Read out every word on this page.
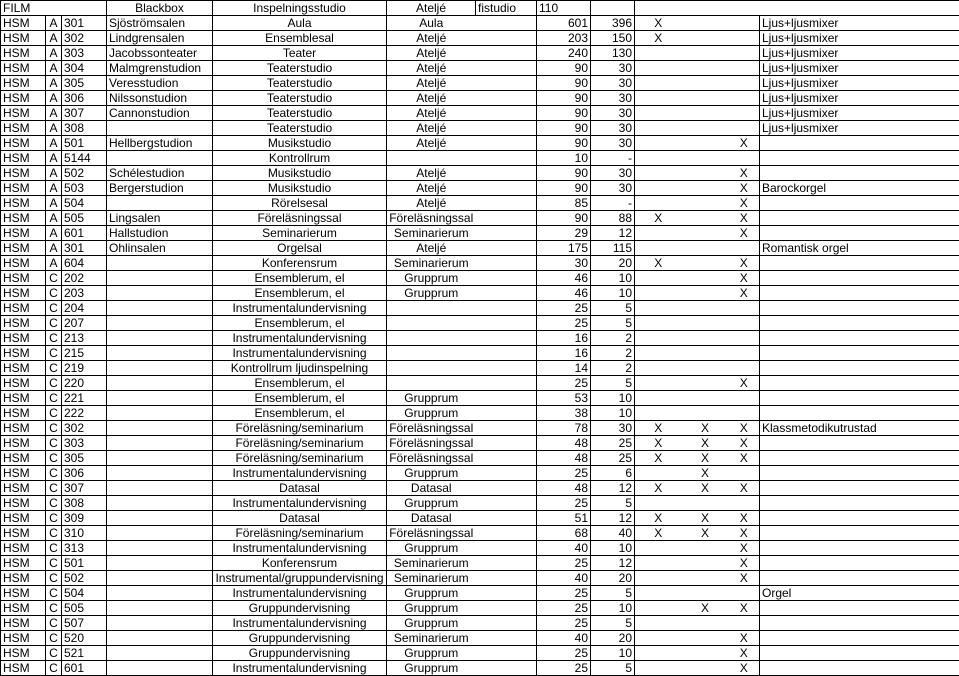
FILM			Blackbox	Inspelningsstudio	Ateljé	fistudio	110					
HSM	A	301	Sjöströmsalen	Aula	Aula		601	396	X			Ljus+ljusmixer
HSM	A	302	Lindgrensalen	Ensemblesal	Ateljé		203	150	X			Ljus+ljusmixer
HSM	A	303	Jacobssonteater	Teater	Ateljé		240	130				Ljus+ljusmixer
HSM	A	304	Malmgrenstudion	Teaterstudio	Ateljé		90	30				Ljus+ljusmixer
HSM	A	305	Veresstudion	Teaterstudio	Ateljé		90	30				Ljus+ljusmixer
HSM	A	306	Nilssonstudion	Teaterstudio	Ateljé		90	30				Ljus+ljusmixer
HSM	A	307	Cannonstudion	Teaterstudio	Ateljé		90	30				Ljus+ljusmixer
HSM	A	308		Teaterstudio	Ateljé		90	30				Ljus+ljusmixer
HSM	A	501	Hellbergstudion	Musikstudio	Ateljé		90	30			X	
HSM	A	5144		Kontrollrum			10	-				
HSM	A	502	Schélestudion	Musikstudio	Ateljé		90	30			X	
HSM	A	503	Bergerstudion	Musikstudio	Ateljé		90	30			X	Barockorgel
HSM	A	504		Rörelsesal	Ateljé		85	-			X	
HSM	A	505	Lingsalen	Föreläsningssal	Föreläsningssal		90	88	X		X	
HSM	A	601	Hallstudion	Seminarierum	Seminarierum		29	12			X	
HSM	A	301	Ohlinsalen	Orgelsal	Ateljé		175	115				Romantisk orgel
HSM	A	604		Konferensrum	Seminarierum		30	20	X		X	
HSM	C	202		Ensemblerum, el	Grupprum		46	10			X	
HSM	C	203		Ensemblerum, el	Grupprum		46	10			X	
HSM	C	204		Instrumentalundervisning			25	5				
HSM	C	207		Ensemblerum, el			25	5				
HSM	C	213		Instrumentalundervisning			16	2				
HSM	C	215		Instrumentalundervisning			16	2				
HSM	C	219		Kontrollrum ljudinspelning			14	2				
HSM	C	220		Ensemblerum, el			25	5			X	
HSM	C	221		Ensemblerum, el	Grupprum		53	10				
HSM	C	222		Ensemblerum, el	Grupprum		38	10				
HSM	C	302		Föreläsning/seminarium	Föreläsningssal		78	30	X	X	X	Klassmetodikutrustad
HSM	C	303		Föreläsning/seminarium	Föreläsningssal		48	25	X	X	X	
HSM	C	305		Föreläsning/seminarium	Föreläsningssal		48	25	X	X	X	
HSM	C	306		Instrumentalundervisning	Grupprum		25	6		X		
HSM	C	307		Datasal	Datasal		48	12	X	X	X	
HSM	C	308		Instrumentalundervisning	Grupprum		25	5				
HSM	C	309		Datasal	Datasal		51	12	X	X	X	
HSM	C	310		Föreläsning/seminarium	Föreläsningssal		68	40	X	X	X	
HSM	C	313		Instrumentalundervisning	Grupprum		40	10			X	
HSM	C	501		Konferensrum	Seminarierum		25	12			X	
HSM	C	502		Instrumental/gruppundervisning	Seminarierum		40	20			X	
HSM	C	504		Instrumentalundervisning	Grupprum		25	5				Orgel
HSM	C	505		Gruppundervisning	Grupprum		25	10		X	X	
HSM	C	507		Instrumentalundervisning	Grupprum		25	5				
HSM	C	520		Gruppundervisning	Seminarierum		40	20			X	
HSM	C	521		Gruppundervisning	Grupprum		25	10			X	
HSM	C	601		Instrumentalundervisning	Grupprum		25	5			X	
